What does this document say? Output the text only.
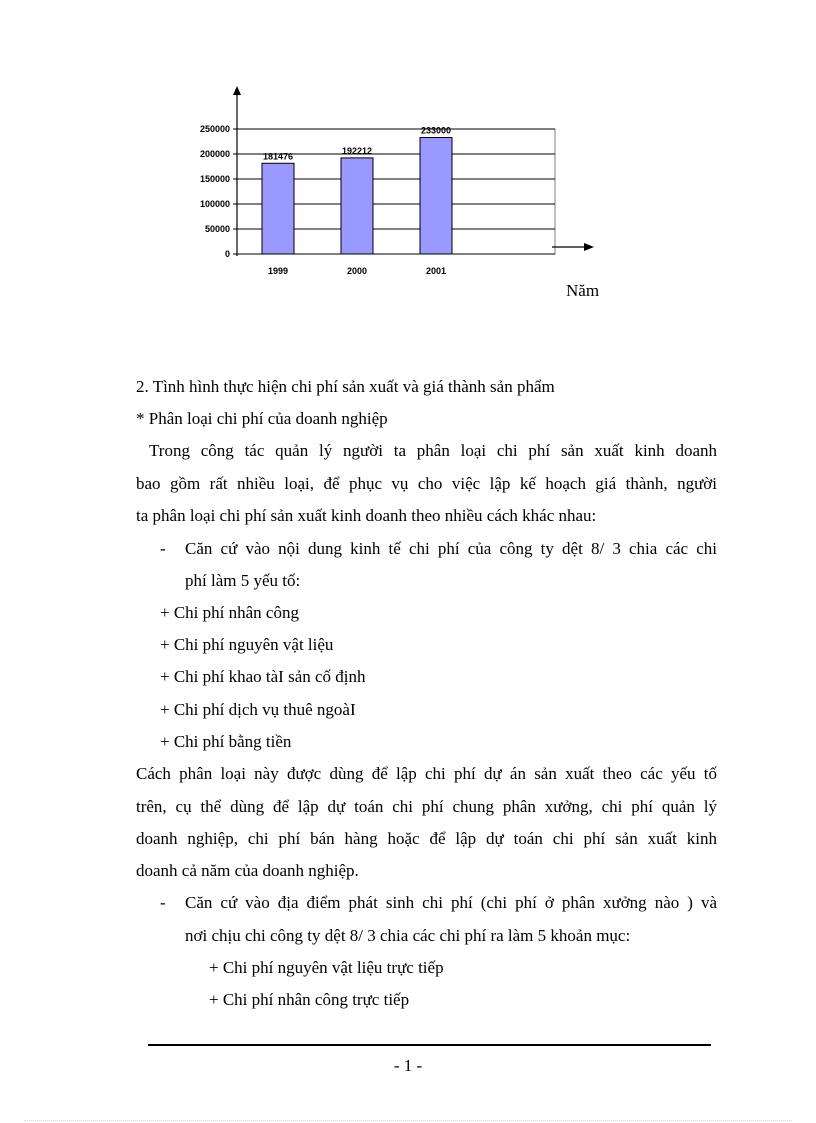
0
50000
100000
150000
200000
250000
181476
192212
233000
1999	2000	2001
Năm
2. Tình hình thực hiện chi phí sản xuất và giá thành sản phẩm
* Phân loại chi phí của doanh nghiệp
Trong công tác quản lý người ta phân loại chi phí sản xuất kinh doanh
bao gồm rất nhiều loại, để phục vụ cho việc lập kế hoạch giá thành, người
ta phân loại chi phí sản xuất kinh doanh theo nhiều cách khác nhau:
- Căn cứ vào nội dung kinh tế chi phí của công ty dệt 8/ 3 chia các chi
phí làm 5 yếu tố:
+ Chi phí nhân công
+ Chi phí nguyên vật liệu
+ Chi phí khao tàI sản cố định
+ Chi phí dịch vụ thuê ngoàI
+ Chi phí bằng tiền
Cách phân loại này được dùng để lập chi phí dự án sản xuất theo các yếu tố
trên, cụ thể dùng để lập dự toán chi phí chung phân xưởng, chi phí quản lý
doanh nghiệp, chi phí bán hàng hoặc để lập dự toán chi phí sản xuất kinh
doanh cả năm của doanh nghiệp.
- Căn cứ vào địa điểm phát sinh chi phí (chi phí ở phân xưởng nào ) và
nơi chịu chi công ty dệt 8/ 3 chia các chi phí ra làm 5 khoản mục:
+ Chi phí nguyên vật liệu trực tiếp
+ Chi phí nhân công trực tiếp
- 1 -
